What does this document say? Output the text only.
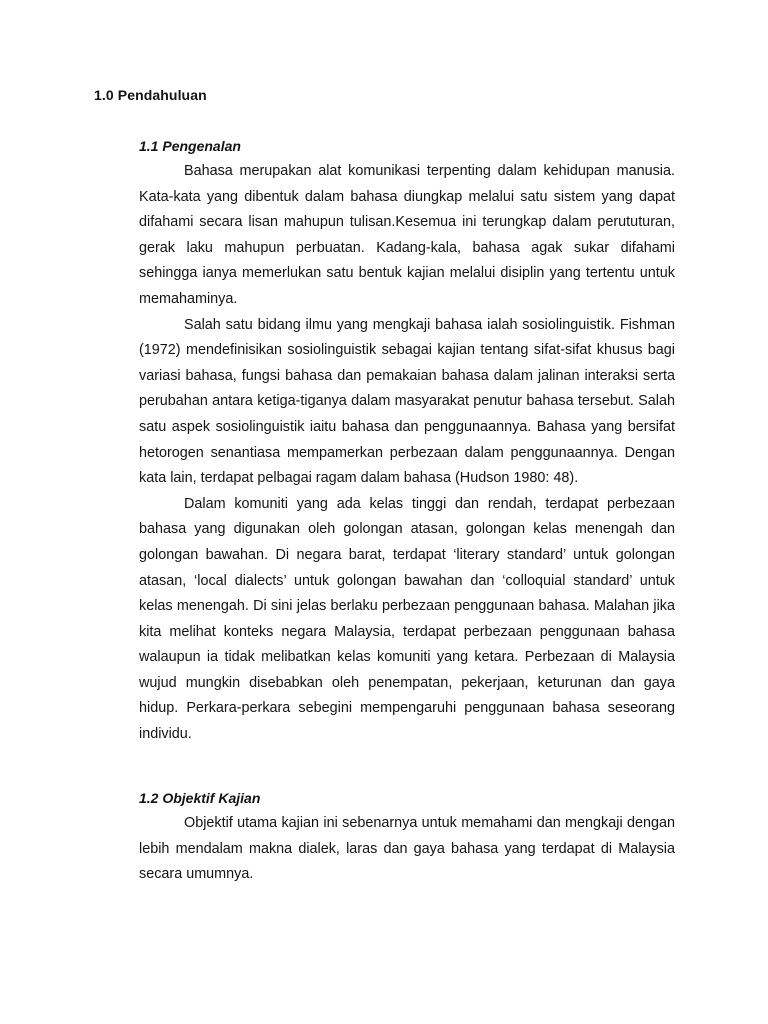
1.0 Pendahuluan
1.1 Pengenalan

Bahasa merupakan alat komunikasi terpenting dalam kehidupan manusia. Kata-kata yang dibentuk dalam bahasa diungkap melalui satu sistem yang dapat difahami secara lisan mahupun tulisan.Kesemua ini terungkap dalam perututuran, gerak laku mahupun perbuatan. Kadang-kala, bahasa agak sukar difahami sehingga ianya memerlukan satu bentuk kajian melalui disiplin yang tertentu untuk memahaminya.

Salah satu bidang ilmu yang mengkaji bahasa ialah sosiolinguistik. Fishman (1972) mendefinisikan sosiolinguistik sebagai kajian tentang sifat-sifat khusus bagi variasi bahasa, fungsi bahasa dan pemakaian bahasa dalam jalinan interaksi serta perubahan antara ketiga-tiganya dalam masyarakat penutur bahasa tersebut. Salah satu aspek sosiolinguistik iaitu bahasa dan penggunaannya. Bahasa yang bersifat hetorogen senantiasa mempamerkan perbezaan dalam penggunaannya. Dengan kata lain, terdapat pelbagai ragam dalam bahasa (Hudson 1980: 48).

Dalam komuniti yang ada kelas tinggi dan rendah, terdapat perbezaan bahasa yang digunakan oleh golongan atasan, golongan kelas menengah dan golongan bawahan. Di negara barat, terdapat ‘literary standard’ untuk golongan atasan, ‘local dialects’ untuk golongan bawahan dan ‘colloquial standard’ untuk kelas menengah. Di sini jelas berlaku perbezaan penggunaan bahasa. Malahan jika kita melihat konteks negara Malaysia, terdapat perbezaan penggunaan bahasa walaupun ia tidak melibatkan kelas komuniti yang ketara. Perbezaan di Malaysia wujud mungkin disebabkan oleh penempatan, pekerjaan, keturunan dan gaya hidup. Perkara-perkara sebegini mempengaruhi penggunaan bahasa seseorang individu.

1.2 Objektif Kajian

Objektif utama kajian ini sebenarnya untuk memahami dan mengkaji dengan lebih mendalam makna dialek, laras dan gaya bahasa yang terdapat di Malaysia secara umumnya.
